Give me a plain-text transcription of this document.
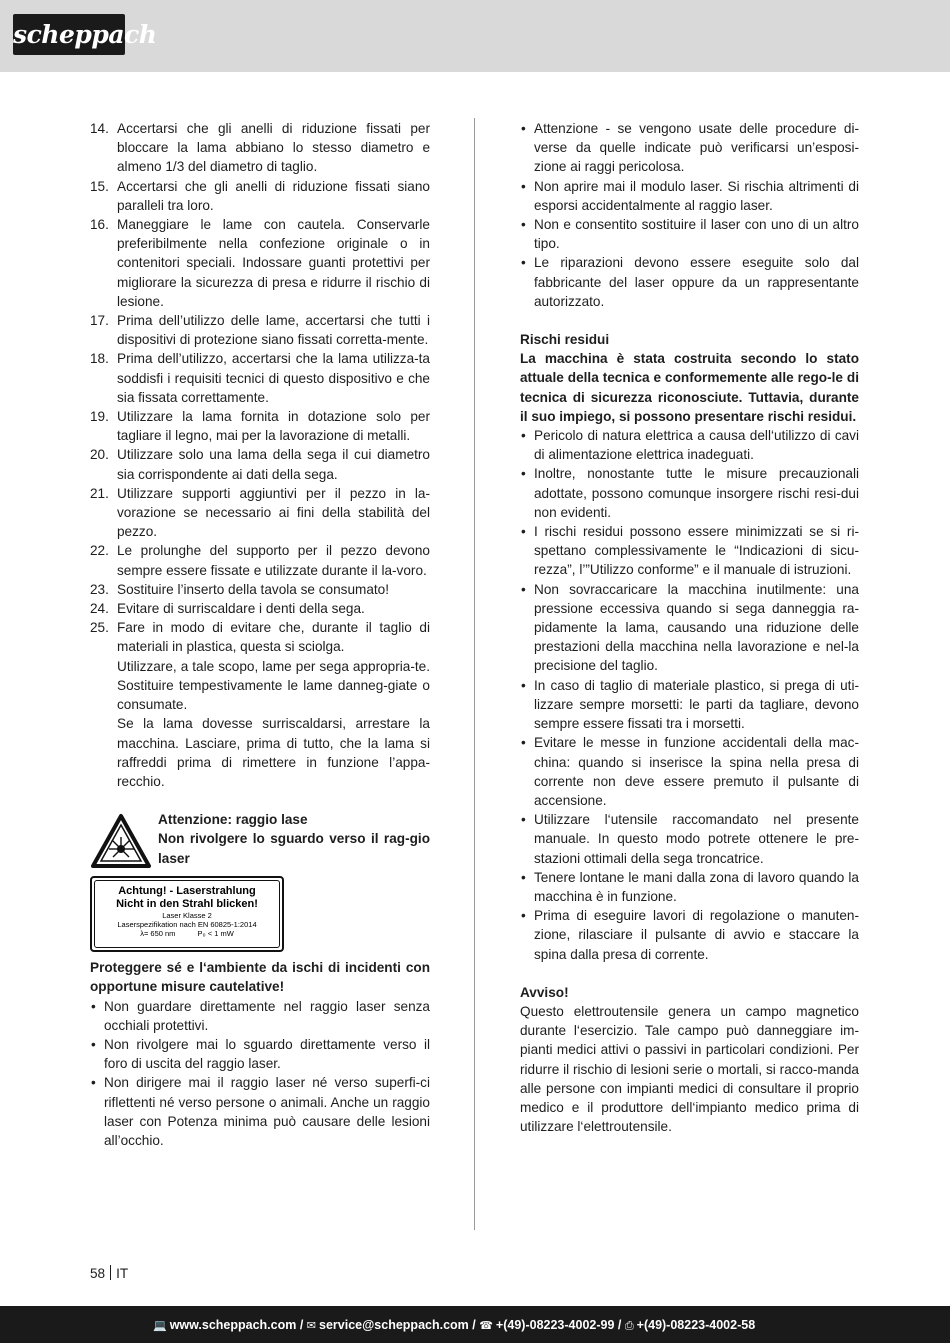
scheppach
14. Accertarsi che gli anelli di riduzione fissati per bloccare la lama abbiano lo stesso diametro e almeno 1/3 del diametro di taglio.
15. Accertarsi che gli anelli di riduzione fissati siano paralleli tra loro.
16. Maneggiare le lame con cautela. Conservarle preferibilmente nella confezione originale o in contenitori speciali. Indossare guanti protettivi per migliorare la sicurezza di presa e ridurre il rischio di lesione.
17. Prima dell’utilizzo delle lame, accertarsi che tutti i dispositivi di protezione siano fissati corretta-mente.
18. Prima dell’utilizzo, accertarsi che la lama utilizza-ta soddisfi i requisiti tecnici di questo dispositivo e che sia fissata correttamente.
19. Utilizzare la lama fornita in dotazione solo per tagliare il legno, mai per la lavorazione di metalli.
20. Utilizzare solo una lama della sega il cui diametro sia corrispondente ai dati della sega.
21. Utilizzare supporti aggiuntivi per il pezzo in la-vorazione se necessario ai fini della stabilità del pezzo.
22. Le prolunghe del supporto per il pezzo devono sempre essere fissate e utilizzate durante il la-voro.
23. Sostituire l’inserto della tavola se consumato!
24. Evitare di surriscaldare i denti della sega.
25. Fare in modo di evitare che, durante il taglio di materiali in plastica, questa si sciolga.
Utilizzare, a tale scopo, lame per sega appropria-te. Sostituire tempestivamente le lame danneg-giate o consumate.
Se la lama dovesse surriscaldarsi, arrestare la macchina. Lasciare, prima di tutto, che la lama si raffreddi prima di rimettere in funzione l’appa-recchio.
Attenzione: raggio lase
Non rivolgere lo sguardo verso il rag-gio laser
Achtung! - Laserstrahlung
Nicht in den Strahl blicken!
Laser Klasse 2
Laserspezifikation nach EN 60825-1:2014
λ= 650 nm	P₀ < 1 mW
Proteggere sé e l‘ambiente da ischi di incidenti con opportune misure cautelative!
• Non guardare direttamente nel raggio laser senza occhiali protettivi.
• Non rivolgere mai lo sguardo direttamente verso il foro di uscita del raggio laser.
• Non dirigere mai il raggio laser né verso superfi-ci riflettenti né verso persone o animali. Anche un raggio laser con Potenza minima può causare delle lesioni all’occhio.
• Attenzione - se vengono usate delle procedure di-verse da quelle indicate può verificarsi un’esposi-zione ai raggi pericolosa.
• Non aprire mai il modulo laser. Si rischia altrimenti di esporsi accidentalmente al raggio laser.
• Non e consentito sostituire il laser con uno di un altro tipo.
• Le riparazioni devono essere eseguite solo dal fabbricante del laser oppure da un rappresentante autorizzato.
Rischi residui
La macchina è stata costruita secondo lo stato attuale della tecnica e conformemente alle rego-le di tecnica di sicurezza riconosciute. Tuttavia, durante il suo impiego, si possono presentare rischi residui.
• Pericolo di natura elettrica a causa dell‘utilizzo di cavi di alimentazione elettrica inadeguati.
• Inoltre, nonostante tutte le misure precauzionali adottate, possono comunque insorgere rischi resi-dui non evidenti.
• I rischi residui possono essere minimizzati se si ri-spettano complessivamente le “Indicazioni di sicu-rezza”, l’”Utilizzo conforme” e il manuale di istruzioni.
• Non sovraccaricare la macchina inutilmente: una pressione eccessiva quando si sega danneggia ra-pidamente la lama, causando una riduzione delle prestazioni della macchina nella lavorazione e nel-la precisione del taglio.
• In caso di taglio di materiale plastico, si prega di uti-lizzare sempre morsetti: le parti da tagliare, devono sempre essere fissati tra i morsetti.
• Evitare le messe in funzione accidentali della mac-china: quando si inserisce la spina nella presa di corrente non deve essere premuto il pulsante di accensione.
• Utilizzare l‘utensile raccomandato nel presente manuale. In questo modo potrete ottenere le pre-stazioni ottimali della sega troncatrice.
• Tenere lontane le mani dalla zona di lavoro quando la macchina è in funzione.
• Prima di eseguire lavori di regolazione o manuten-zione, rilasciare il pulsante di avvio e staccare la spina dalla presa di corrente.
Avviso!

Questo elettroutensile genera un campo magnetico durante l‘esercizio. Tale campo può danneggiare im-pianti medici attivi o passivi in particolari condizioni. Per ridurre il rischio di lesioni serie o mortali, si racco-manda alle persone con impianti medici di consultare il proprio medico e il produttore dell‘impianto medico prima di utilizzare l‘elettroutensile.

58 IT
💻 www.scheppach.com / ✉ service@scheppach.com / ☎ +(49)-08223-4002-99 / ⎙ +(49)-08223-4002-58
